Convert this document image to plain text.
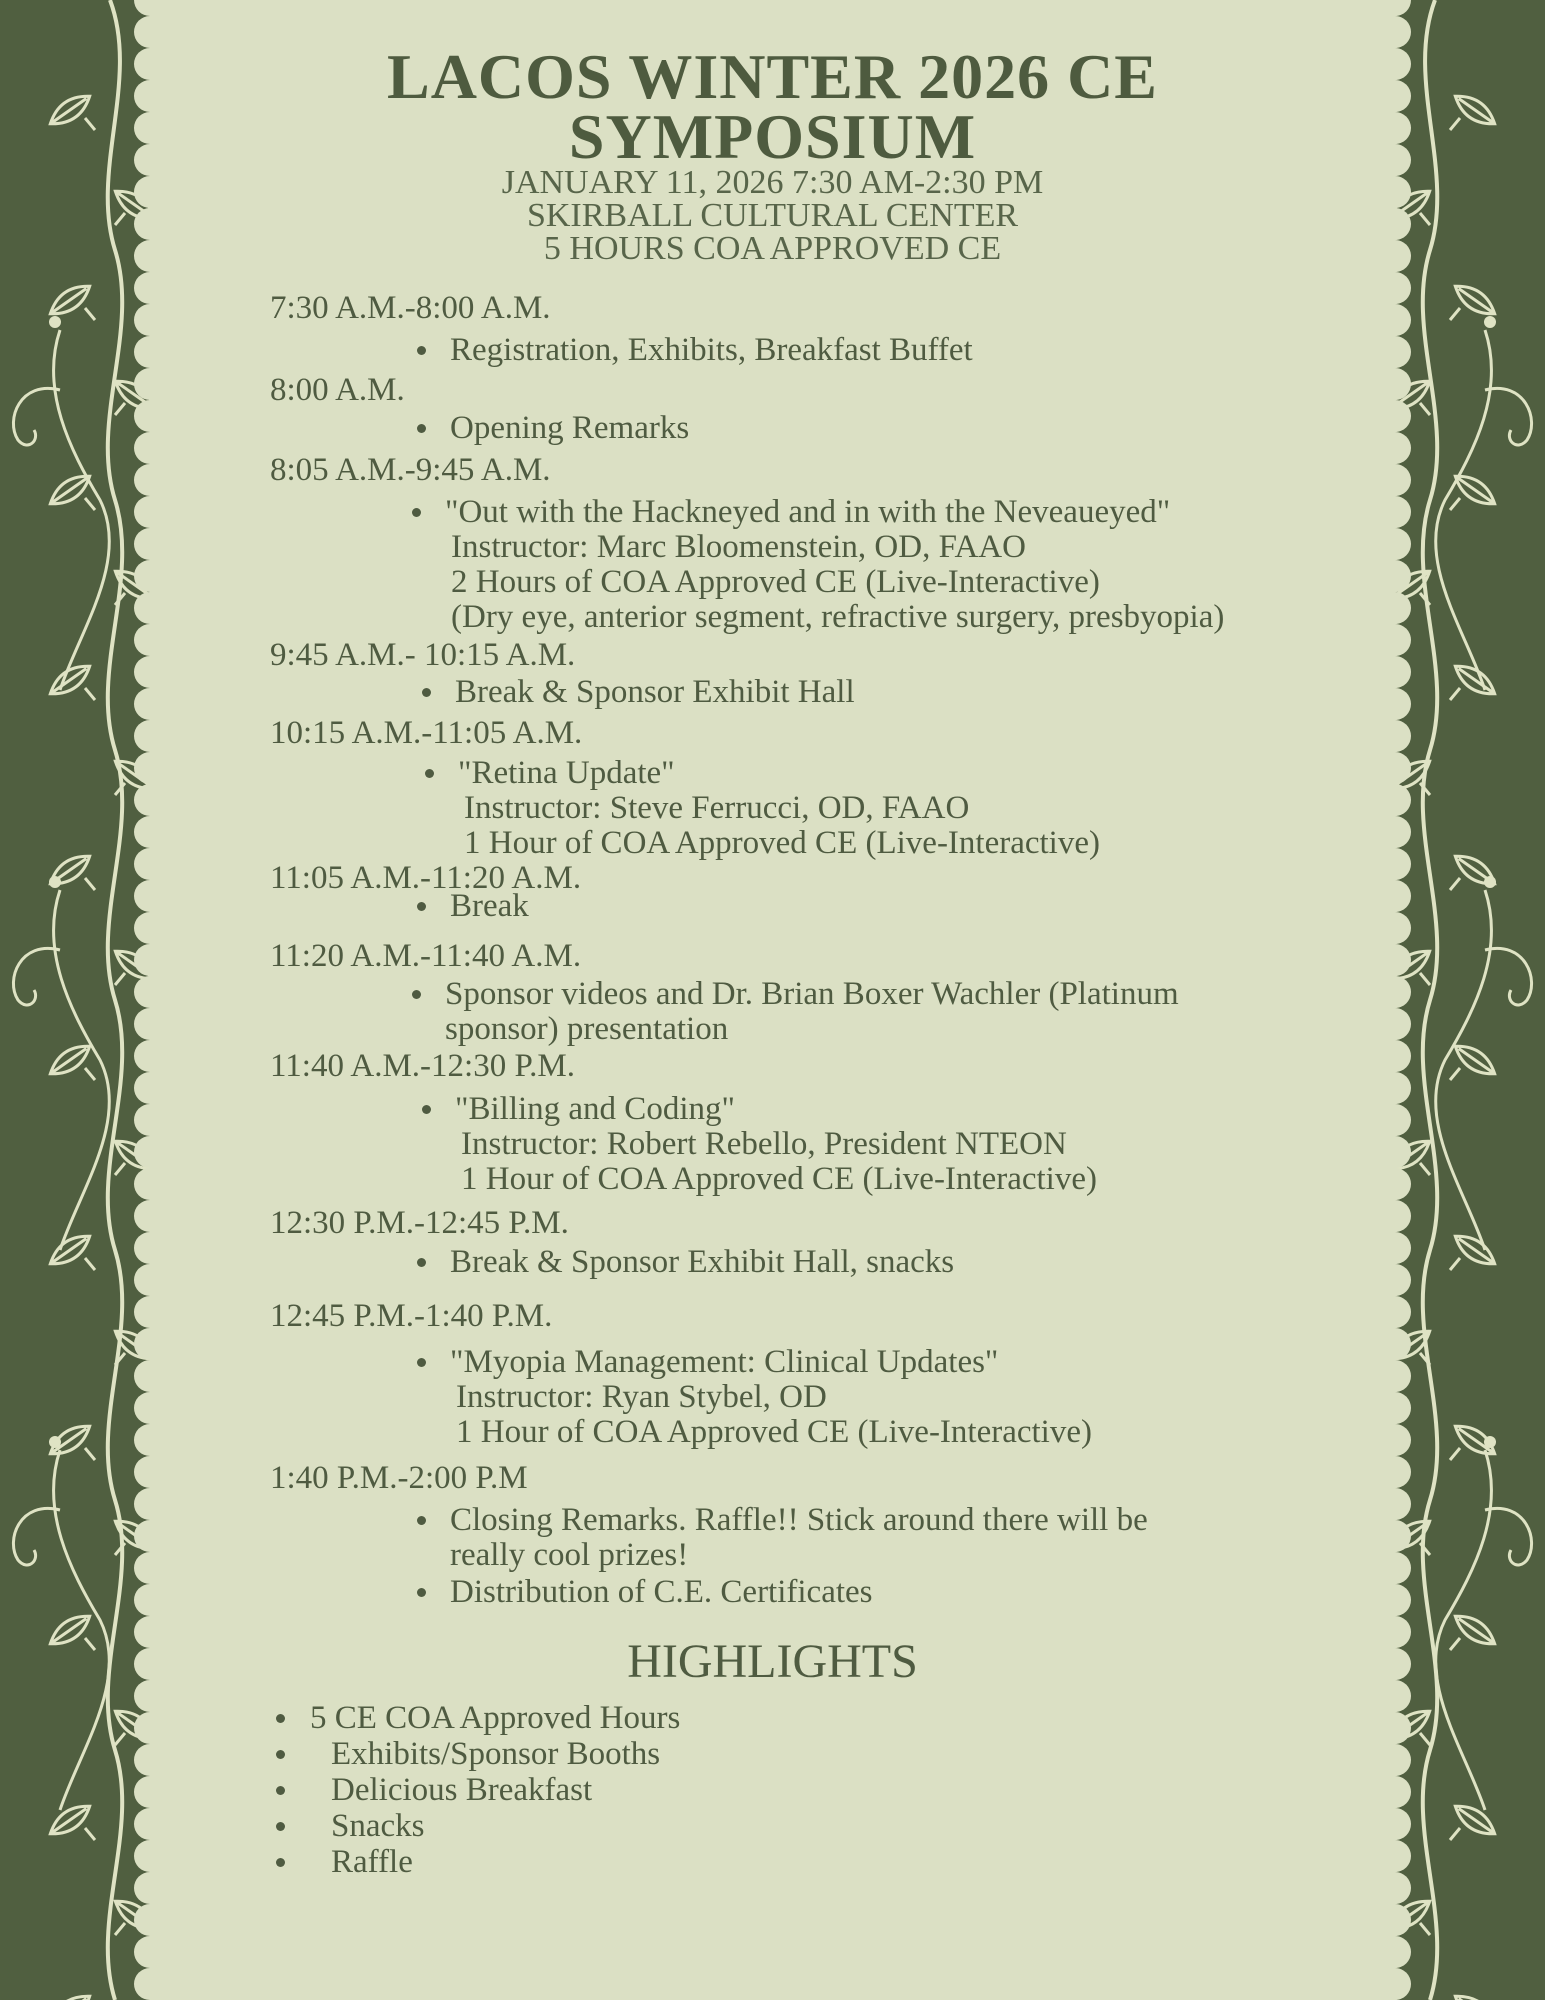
LACOS WINTER 2026 CE
SYMPOSIUM
JANUARY 11, 2026 7:30 AM-2:30 PM
SKIRBALL CULTURAL CENTER
5 HOURS COA APPROVED CE
7:30 A.M.-8:00 A.M.
Registration, Exhibits, Breakfast Buffet
8:00 A.M.
Opening Remarks
8:05 A.M.-9:45 A.M.
"Out with the Hackneyed and in with the Neveaueyed"
Instructor: Marc Bloomenstein, OD, FAAO
2 Hours of COA Approved CE (Live-Interactive)
(Dry eye, anterior segment, refractive surgery, presbyopia)
9:45 A.M.- 10:15 A.M.
Break & Sponsor Exhibit Hall
10:15 A.M.-11:05 A.M.
"Retina Update"
Instructor: Steve Ferrucci, OD, FAAO
1 Hour of COA Approved CE (Live-Interactive)
11:05 A.M.-11:20 A.M.
Break
11:20 A.M.-11:40 A.M.
Sponsor videos and Dr. Brian Boxer Wachler (Platinum
sponsor) presentation
11:40 A.M.-12:30 P.M.
"Billing and Coding"
Instructor: Robert Rebello, President NTEON
1 Hour of COA Approved CE (Live-Interactive)
12:30 P.M.-12:45 P.M.
Break & Sponsor Exhibit Hall, snacks
12:45 P.M.-1:40 P.M.
"Myopia Management: Clinical Updates"
Instructor: Ryan Stybel, OD
1 Hour of COA Approved CE (Live-Interactive)
1:40 P.M.-2:00 P.M
Closing Remarks. Raffle!! Stick around there will be
really cool prizes!
Distribution of C.E. Certificates
HIGHLIGHTS
5 CE COA Approved Hours
Exhibits/Sponsor Booths
Delicious Breakfast
Snacks
Raffle
